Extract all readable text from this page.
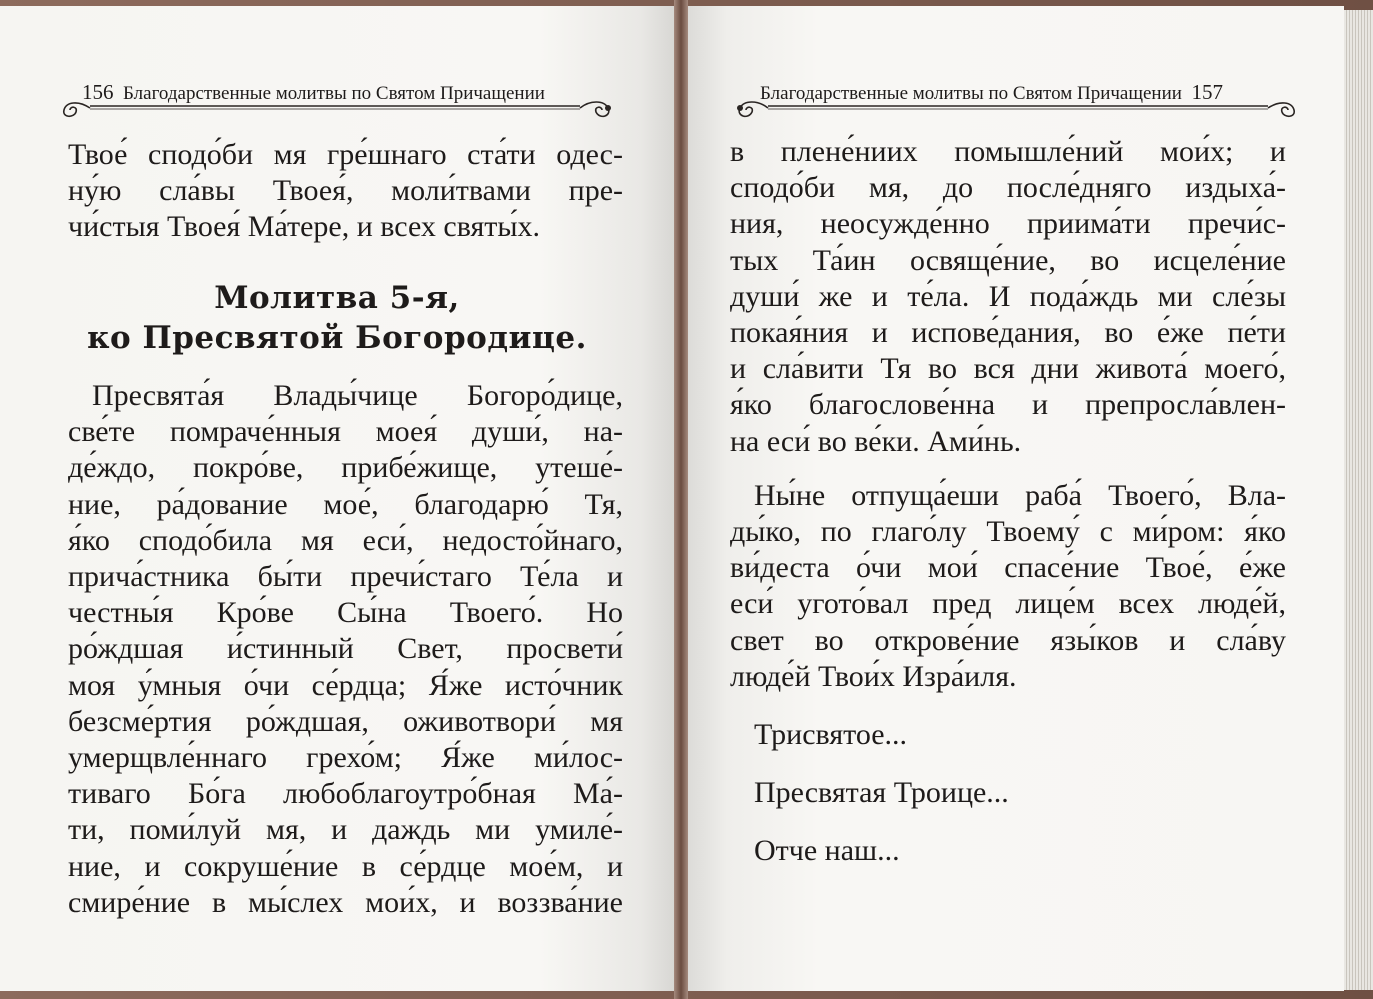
156 Благодарственные молитвы по Святом Причащении
Твое́ сподо́би мя гре́шнаго ста́ти одес-
ну́ю сла́вы Твоея́, моли́твами пре-
чи́стыя Твоея́ Ма́тере, и всех святы́х.
Молитва 5-я,
ко Пресвятой Богородице.
Пресвята́я Влады́чице Богоро́дице,
све́те помраче́нныя моея́ души́, на-
де́ждо, покро́ве, прибе́жище, утеше́-
ние, ра́дование мое́, благодарю́ Тя,
я́ко сподо́била мя еси́, недосто́йнаго,
прича́стника бы́ти пречи́стаго Те́ла и
честны́я Кро́ве Сы́на Твоего́. Но
ро́ждшая и́стинный Свет, просвети́
моя у́мныя о́чи се́рдца; Я́же исто́чник
безсме́ртия ро́ждшая, оживотвори́ мя
умерщвле́ннаго грехо́м; Я́же ми́лос-
тиваго Бо́га любоблагоутро́бная Ма́-
ти, поми́луй мя, и даждь ми умиле́-
ние, и сокруше́ние в се́рдце мое́м, и
смире́ние в мы́слех мои́х, и воззва́ние
Благодарственные молитвы по Святом Причащении 157
в плене́ниих помышле́ний мои́х; и
сподо́би мя, до после́дняго издыха́-
ния, неосужде́нно приима́ти пречи́с-
тых Та́ин освяще́ние, во исцеле́ние
души́ же и те́ла. И пода́ждь ми сле́зы
покая́ния и испове́дания, во е́же пе́ти
и сла́вити Тя во вся дни живота́ моего́,
я́ко благослове́нна и препросла́влен-
на еси́ во ве́ки. Ами́нь.
Ны́не отпуща́еши раба́ Твоего́, Вла-
ды́ко, по глаго́лу Твоему́ с ми́ром: я́ко
ви́деста о́чи мои́ спасе́ние Твое́, е́же
еси́ угото́вал пред лице́м всех люде́й,
свет во открове́ние язы́ков и сла́ву
люде́й Твои́х Изра́иля.
Трисвятое...
Пресвятая Троице...
Отче наш...
